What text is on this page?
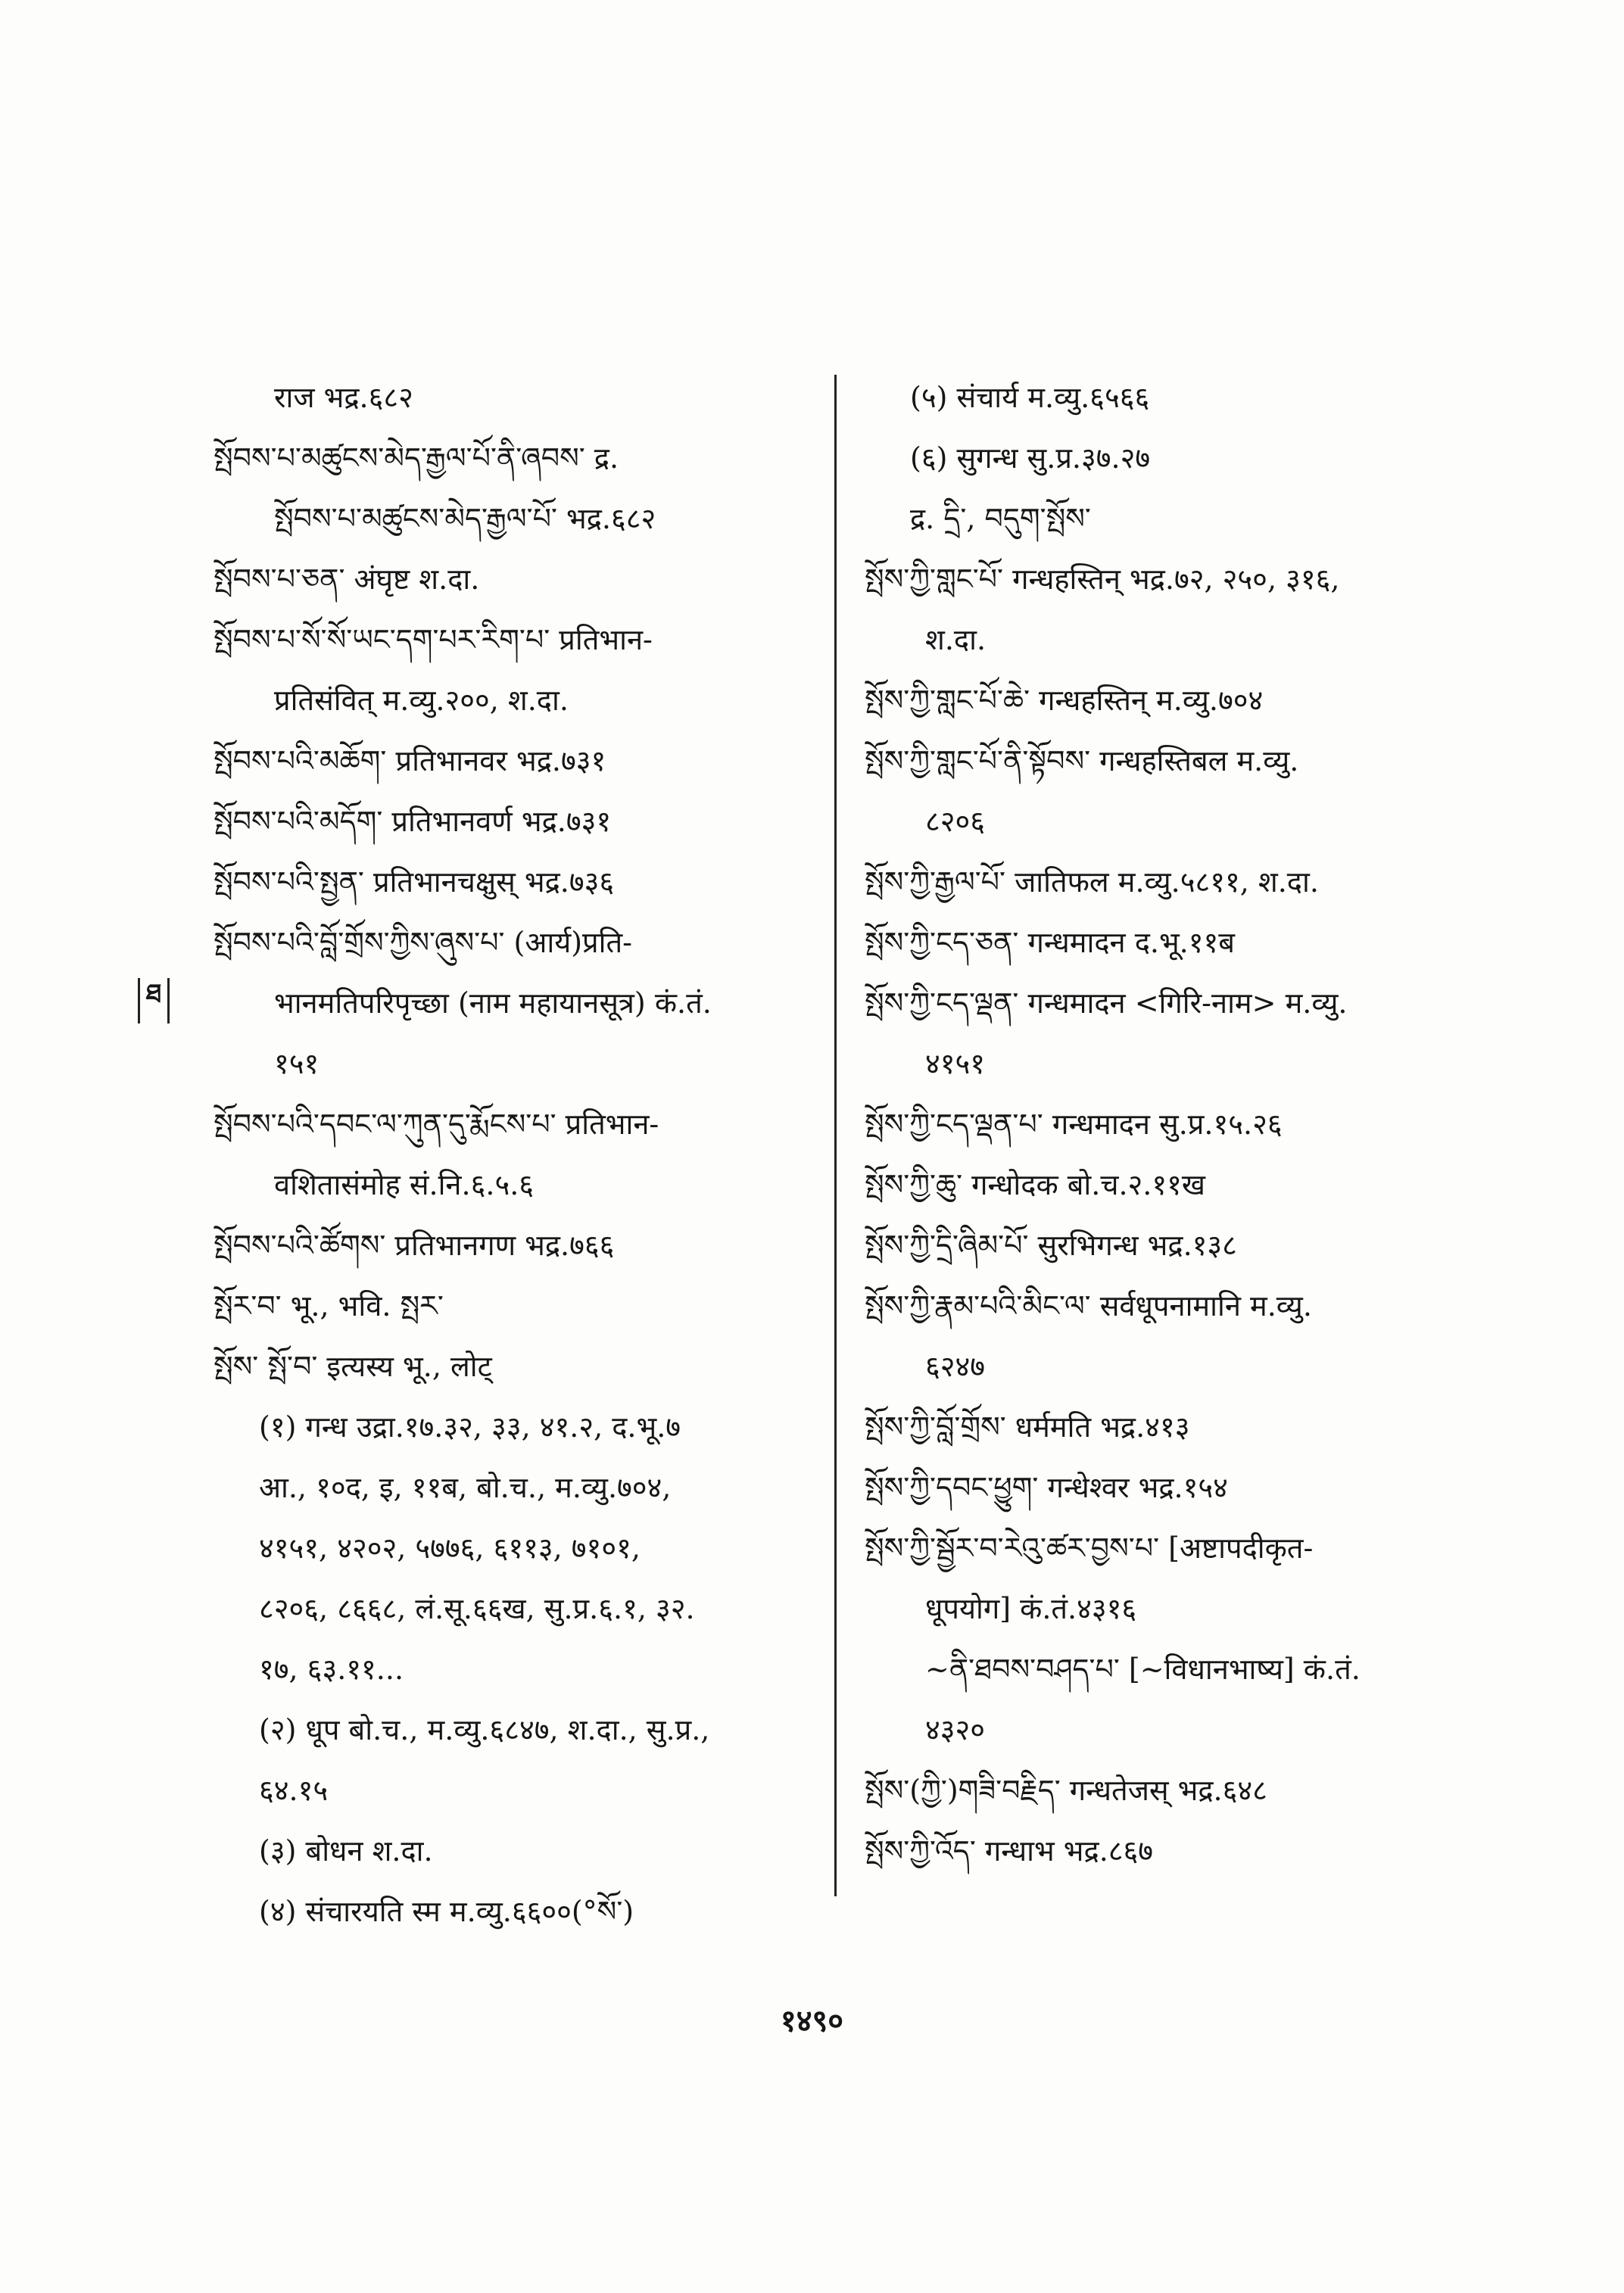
ཐ
राज भद्र.६८२
སྤོབས་པ་མཚུངས་མེད་རྒྱལ་པོ་ནི་ཞབས་ द्र.
སྤོབས་པ་མཚུངས་མེད་རྒྱལ་པོ་ भद्र.६८२
སྤོབས་པ་ཅན་ अंघृष्ट श.दा.
སྤོབས་པ་སོ་སོ་ཡང་དག་པར་རིག་པ་ प्रतिभान-
प्रतिसंवित् म.व्यु.२००, श.दा.
སྤོབས་པའི་མཆོག་ प्रतिभानवर भद्र.७३१
སྤོབས་པའི་མདོག་ प्रतिभानवर्ण भद्र.७३१
སྤོབས་པའི་སྤྱན་ प्रतिभानचक्षुस् भद्र.७३६
སྤོབས་པའི་བློ་གྲོས་ཀྱིས་ཞུས་པ་ (आर्य)प्रति-
भानमतिपरिपृच्छा (नाम महायानसूत्र) कं.तं.
१५१
སྤོབས་པའི་དབང་ལ་ཀུན་དུ་རྨོངས་པ་ प्रतिभान-
वशितासंमोह सं.नि.६.५.६
སྤོབས་པའི་ཚོགས་ प्रतिभानगण भद्र.७६६
སྤོར་བ་ भू., भवि. སྤར་
སྤོས་ སྤོ་བ་ इत्यस्य भू., लोट्
(१) गन्ध उद्रा.१७.३२, ३३, ४१.२, द.भू.७
आ., १०द, इ, ११ब, बो.च., म.व्यु.७०४,
४१५१, ४२०२, ५७७६, ६११३, ७१०१,
८२०६, ८६६८, लं.सू.६६ख, सु.प्र.६.१, ३२.
१७, ६३.११...
(२) धूप बो.च., म.व्यु.६८४७, श.दा., सु.प्र.,
६४.१५
(३) बोधन श.दा.
(४) संचारयति स्म म.व्यु.६६००(°སོ་)
(५) संचार्य म.व्यु.६५६६
(६) सुगन्ध सु.प्र.३७.२७
द्र. དྲི་, བདུག་སྤོས་
སྤོས་ཀྱི་གླང་པོ་ गन्धहस्तिन् भद्र.७२, २५०, ३१६,
श.दा.
སྤོས་ཀྱི་གླང་པོ་ཆེ་ गन्धहस्तिन् म.व्यु.७०४
སྤོས་ཀྱི་གླང་པོ་ནི་སྟོབས་ गन्धहस्तिबल म.व्यु.
८२०६
སྤོས་ཀྱི་རྒྱལ་པོ་ जातिफल म.व्यु.५८११, श.दा.
སྤོས་ཀྱི་ངད་ཅན་ गन्धमादन द.भू.११ब
སྤོས་ཀྱི་ངད་ལྡན་ गन्धमादन <गिरि-नाम> म.व्यु.
४१५१
སྤོས་ཀྱི་ངད་ལྡན་པ་ गन्धमादन सु.प्र.१५.२६
སྤོས་ཀྱི་ཆུ་ गन्धोदक बो.च.२.११ख
སྤོས་ཀྱི་དྲི་ཞིམ་པོ་ सुरभिगन्ध भद्र.१३८
སྤོས་ཀྱི་རྣམ་པའི་མིང་ལ་ सर्वधूपनामानि म.व्यु.
६२४७
སྤོས་ཀྱི་བློ་གྲོས་ धर्ममति भद्र.४१३
སྤོས་ཀྱི་དབང་ཕྱུག་ गन्धेश्वर भद्र.१५४
སྤོས་ཀྱི་སྦྱོར་བ་རེའུ་ཚར་བྱས་པ་ [अष्टापदीकृत-
धूपयोग] कं.तं.४३१६
~ནི་ཐབས་བཤད་པ་ [~विधानभाष्य] कं.तं.
४३२०
སྤོས་(ཀྱི་)གཟི་བརྗིད་ गन्धतेजस् भद्र.६४८
སྤོས་ཀྱི་འོད་ गन्धाभ भद्र.८६७
१४९०
